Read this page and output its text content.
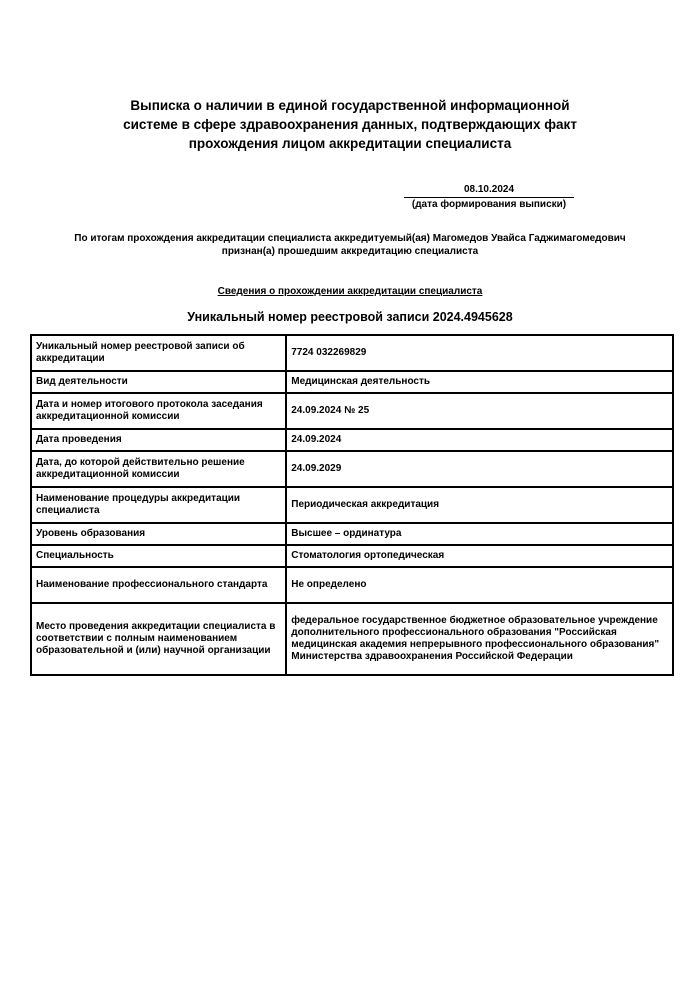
Выписка о наличии в единой государственной информационной
системе в сфере здравоохранения данных, подтверждающих факт
прохождения лицом аккредитации специалиста
08.10.2024
(дата формирования выписки)
По итогам прохождения аккредитации специалиста аккредитуемый(ая) Магомедов Увайса Гаджимагомедович
признан(а) прошедшим аккредитацию специалиста
Сведения о прохождении аккредитации специалиста
Уникальный номер реестровой записи 2024.4945628
Уникальный номер реестровой записи об аккредитации	7724 032269829
Вид деятельности	Медицинская деятельность
Дата и номер итогового протокола заседания аккредитационной комиссии	24.09.2024 № 25
Дата проведения	24.09.2024
Дата, до которой действительно решение аккредитационной комиссии	24.09.2029
Наименование процедуры аккредитации специалиста	Периодическая аккредитация
Уровень образования	Высшее – ординатура
Специальность	Стоматология ортопедическая
Наименование профессионального стандарта	Не определено
Место проведения аккредитации специалиста в соответствии с полным наименованием образовательной и (или) научной организации	федеральное государственное бюджетное образовательное учреждение дополнительного профессионального образования "Российская медицинская академия непрерывного профессионального образования" Министерства здравоохранения Российской Федерации
